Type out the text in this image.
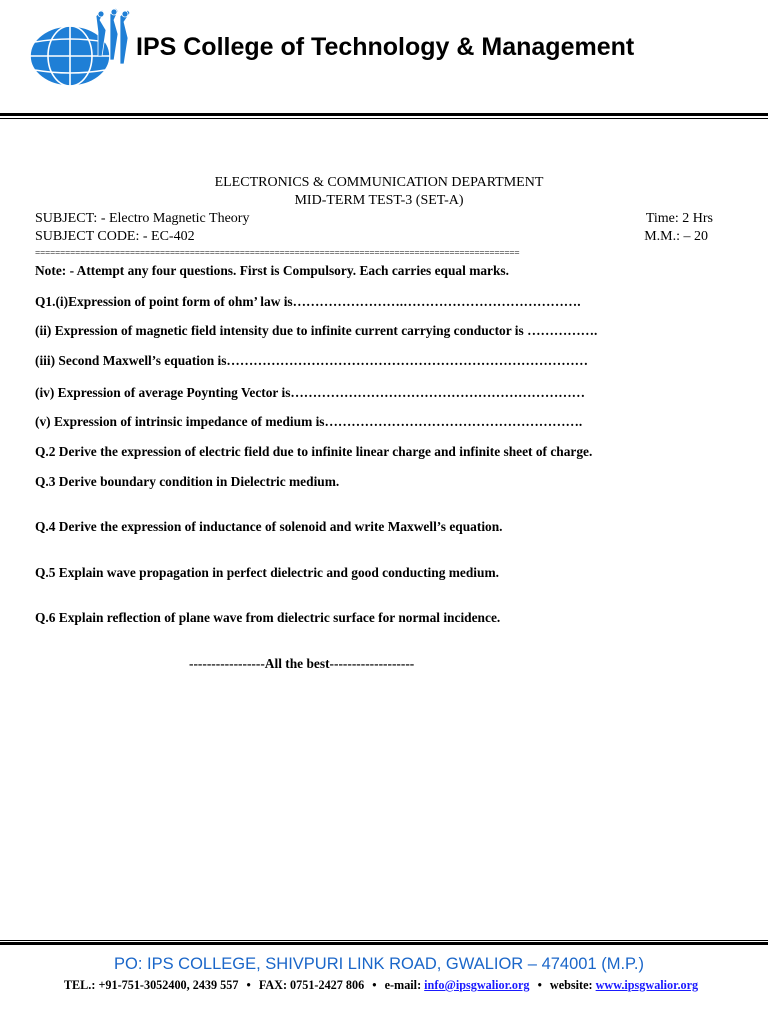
IPS College of Technology & Management
ELECTRONICS & COMMUNICATION DEPARTMENT
MID-TERM TEST-3 (SET-A)
SUBJECT: - Electro Magnetic Theory	Time: 2 Hrs
SUBJECT CODE: - EC-402	M.M.: – 20
=================================================================================================
Note: - Attempt any four questions. First is Compulsory. Each carries equal marks.
Q1.(i)Expression of point form of ohm’ law is…………………….………………………………….
(ii) Expression of magnetic field intensity due to infinite current carrying conductor is …………….
(iii) Second Maxwell’s equation is………………………………………………………………………
(iv) Expression of average Poynting Vector is…………………………………………………………
(v) Expression of intrinsic impedance of medium is………………………………………………….
Q.2 Derive the expression of electric field due to infinite linear charge and infinite sheet of charge.
Q.3 Derive boundary condition in Dielectric medium.
Q.4 Derive the expression of inductance of solenoid and write Maxwell’s equation.
Q.5 Explain wave propagation in perfect dielectric and good conducting medium.
Q.6 Explain reflection of plane wave from dielectric surface for normal incidence.
-----------------All the best-------------------
PO: IPS COLLEGE, SHIVPURI LINK ROAD, GWALIOR – 474001 (M.P.)
TEL.: +91-751-3052400, 2439 557 • FAX: 0751-2427 806 • e-mail: info@ipsgwalior.org • website: www.ipsgwalior.org
